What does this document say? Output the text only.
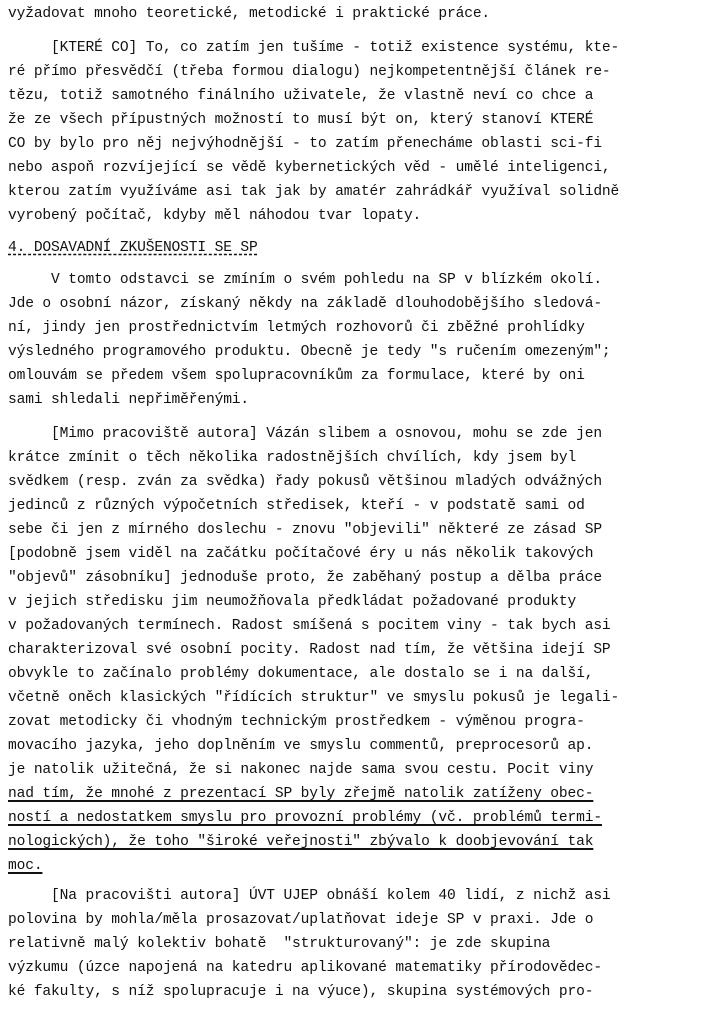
vyžadovat mnoho teoretické, metodické i praktické práce.
[KTERÉ CO] To, co zatím jen tušíme - totiž existence systému, kte-
ré přímo přesvědčí (třeba formou dialogu) nejkompetentnější článek re-
tězu, totiž samotného finálního uživatele, že vlastně neví co chce a
že ze všech přípustných možností to musí být on, který stanoví KTERÉ
CO by bylo pro něj nejvýhodnější - to zatím přenecháme oblasti sci-fi
nebo aspoň rozvíjející se vědě kybernetických věd - umělé inteligenci,
kterou zatím využíváme asi tak jak by amatér zahrádkář využíval solidně
vyrobený počítač, kdyby měl náhodou tvar lopaty.
4. DOSAVADNÍ ZKUŠENOSTI SE SP
V tomto odstavci se zmíním o svém pohledu na SP v blízkém okolí.
Jde o osobní názor, získaný někdy na základě dlouhodobějšího sledová-
ní, jindy jen prostřednictvím letmých rozhovorů či zběžné prohlídky
výsledného programového produktu. Obecně je tedy "s ručením omezeným";
omlouvám se předem všem spolupracovníkům za formulace, které by oni
sami shledali nepřiměřenými.
[Mimo pracoviště autora] Vázán slibem a osnovou, mohu se zde jen
krátce zmínit o těch několika radostnějších chvílích, kdy jsem byl
svědkem (resp. zván za svědka) řady pokusů většinou mladých odvážných
jedinců z různých výpočetních středisek, kteří - v podstatě sami od
sebe či jen z mírného doslechu - znovu "objevili" některé ze zásad SP
[podobně jsem viděl na začátku počítačové éry u nás několik takových
"objevů" zásobníku] jednoduše proto, že zaběhaný postup a dělba práce
v jejich středisku jim neumožňovala předkládat požadované produkty
v požadovaných termínech. Radost smíšená s pocitem viny - tak bych asi
charakterizoval své osobní pocity. Radost nad tím, že většina idejí SP
obvykle to začínalo problémy dokumentace, ale dostalo se i na další,
včetně oněch klasických "řídících struktur" ve smyslu pokusů je legali-
zovat metodicky či vhodným technickým prostředkem - výměnou progra-
movacího jazyka, jeho doplněním ve smyslu commentů, preprocesorů ap.
je natolik užitečná, že si nakonec najde sama svou cestu. Pocit viny
nad tím, že mnohé z prezentací SP byly zřejmě natolik zatíženy obec-
ností a nedostatkem smyslu pro provozní problémy (vč. problémů termi-
nologických), že toho "široké veřejnosti" zbývalo k doobjevování tak
moc.
[Na pracovišti autora] ÚVT UJEP obnáší kolem 40 lidí, z nichž asi
polovina by mohla/měla prosazovat/uplatňovat ideje SP v praxi. Jde o
relativně malý kolektiv bohatě  "strukturovaný": je zde skupina
výzkumu (úzce napojená na katedru aplikované matematiky přírodovědec-
ké fakulty, s níž spolupracuje i na výuce), skupina systémových pro-
